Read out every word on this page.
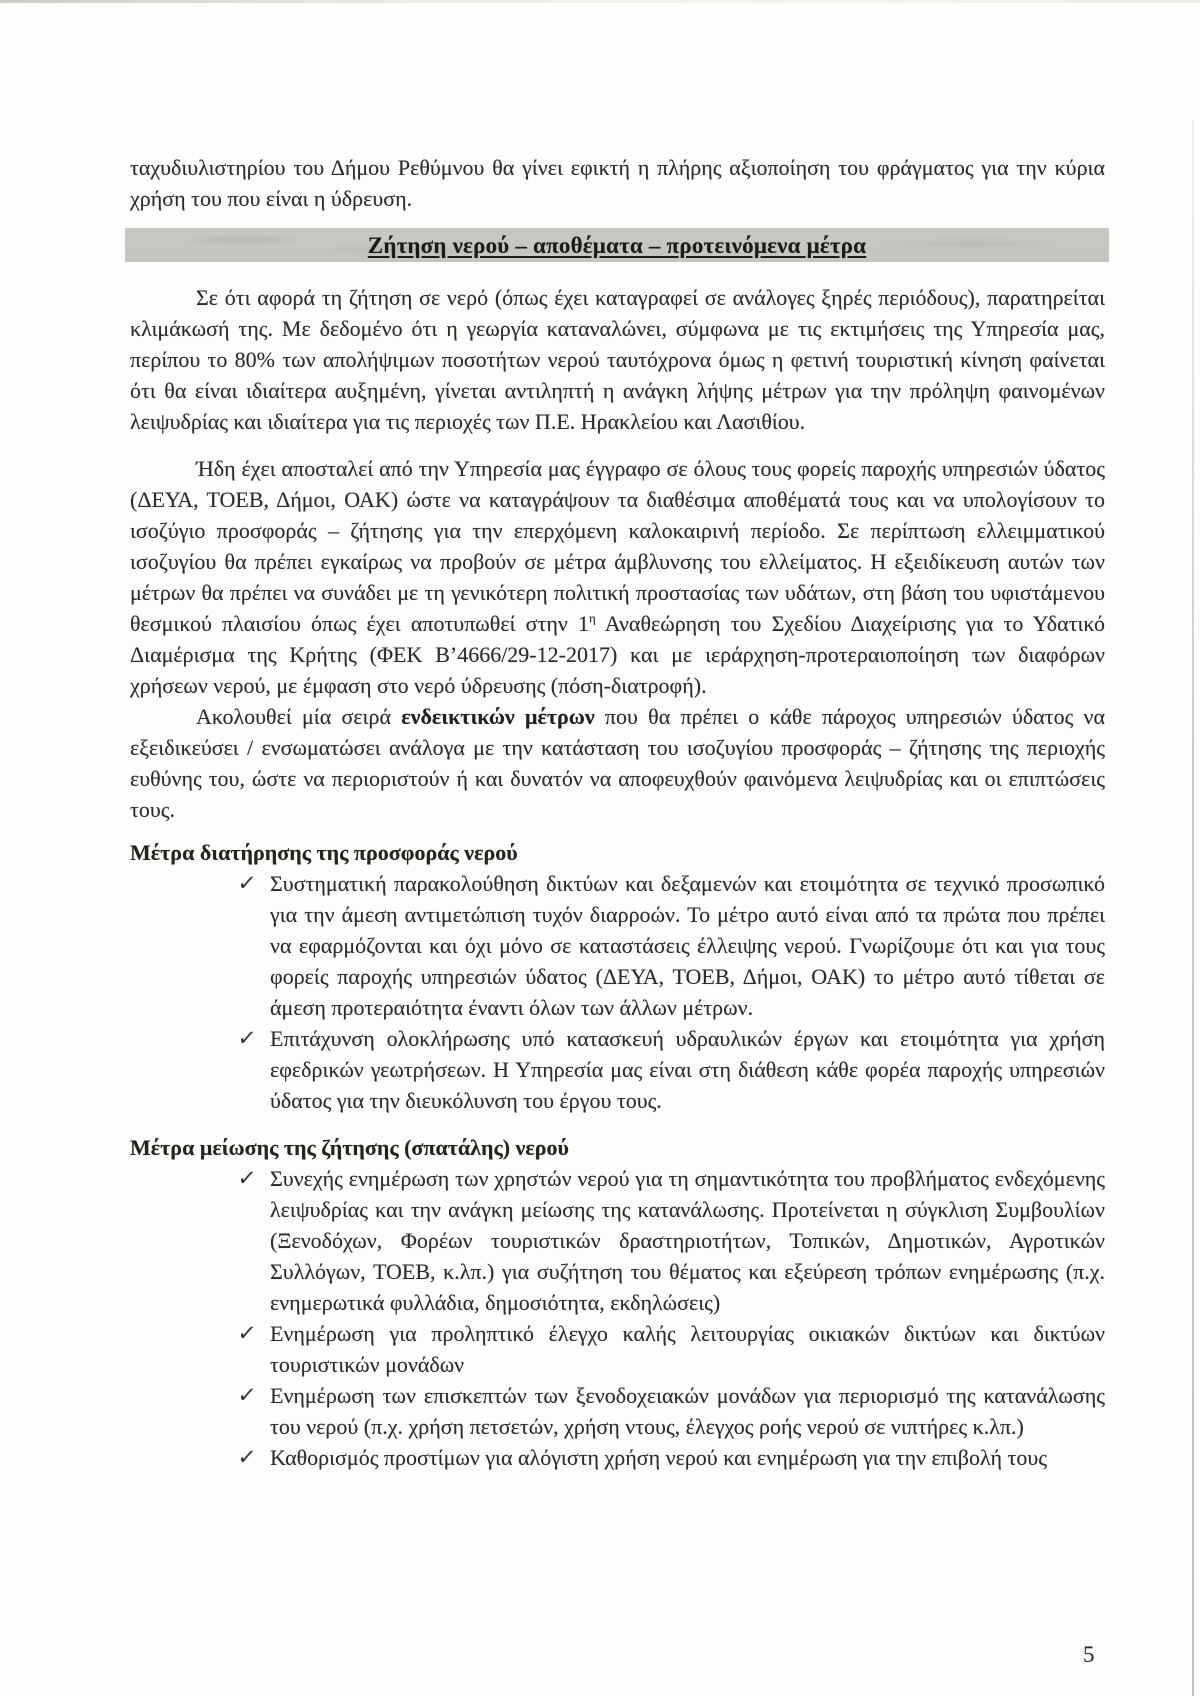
ταχυδιυλιστηρίου του Δήμου Ρεθύμνου θα γίνει εφικτή η πλήρης αξιοποίηση του φράγματος για την κύρια χρήση του που είναι η ύδρευση.

Ζήτηση νερού – αποθέματα – προτεινόμενα μέτρα

Σε ότι αφορά τη ζήτηση σε νερό (όπως έχει καταγραφεί σε ανάλογες ξηρές περιόδους), παρατηρείται κλιμάκωσή της. Με δεδομένο ότι η γεωργία καταναλώνει, σύμφωνα με τις εκτιμήσεις της Υπηρεσία μας, περίπου το 80% των απολήψιμων ποσοτήτων νερού ταυτόχρονα όμως η φετινή τουριστική κίνηση φαίνεται ότι θα είναι ιδιαίτερα αυξημένη, γίνεται αντιληπτή η ανάγκη λήψης μέτρων για την πρόληψη φαινομένων λειψυδρίας και ιδιαίτερα για τις περιοχές των Π.Ε. Ηρακλείου και Λασιθίου.

Ήδη έχει αποσταλεί από την Υπηρεσία μας έγγραφο σε όλους τους φορείς παροχής υπηρεσιών ύδατος (ΔΕΥΑ, ΤΟΕΒ, Δήμοι, ΟΑΚ) ώστε να καταγράψουν τα διαθέσιμα αποθέματά τους και να υπολογίσουν το ισοζύγιο προσφοράς – ζήτησης για την επερχόμενη καλοκαιρινή περίοδο. Σε περίπτωση ελλειμματικού ισοζυγίου θα πρέπει εγκαίρως να προβούν σε μέτρα άμβλυνσης του ελλείματος. Η εξειδίκευση αυτών των μέτρων θα πρέπει να συνάδει με τη γενικότερη πολιτική προστασίας των υδάτων, στη βάση του υφιστάμενου θεσμικού πλαισίου όπως έχει αποτυπωθεί στην $1^\eta$ Αναθεώρηση του Σχεδίου Διαχείρισης για το Υδατικό Διαμέρισμα της Κρήτης (ΦΕΚ Β’4666/29-12-2017) και με ιεράρχηση-προτεραιοποίηση των διαφόρων χρήσεων νερού, με έμφαση στο νερό ύδρευσης (πόση-διατροφή).

Ακολουθεί μία σειρά ενδεικτικών μέτρων που θα πρέπει ο κάθε πάροχος υπηρεσιών ύδατος να εξειδικεύσει / ενσωματώσει ανάλογα με την κατάσταση του ισοζυγίου προσφοράς – ζήτησης της περιοχής ευθύνης του, ώστε να περιοριστούν ή και δυνατόν να αποφευχθούν φαινόμενα λειψυδρίας και οι επιπτώσεις τους.

Μέτρα διατήρησης της προσφοράς νερού

✓ Συστηματική παρακολούθηση δικτύων και δεξαμενών και ετοιμότητα σε τεχνικό προσωπικό για την άμεση αντιμετώπιση τυχόν διαρροών. Το μέτρο αυτό είναι από τα πρώτα που πρέπει να εφαρμόζονται και όχι μόνο σε καταστάσεις έλλειψης νερού. Γνωρίζουμε ότι και για τους φορείς παροχής υπηρεσιών ύδατος (ΔΕΥΑ, ΤΟΕΒ, Δήμοι, ΟΑΚ) το μέτρο αυτό τίθεται σε άμεση προτεραιότητα έναντι όλων των άλλων μέτρων.
✓ Επιτάχυνση ολοκλήρωσης υπό κατασκευή υδραυλικών έργων και ετοιμότητα για χρήση εφεδρικών γεωτρήσεων. Η Υπηρεσία μας είναι στη διάθεση κάθε φορέα παροχής υπηρεσιών ύδατος για την διευκόλυνση του έργου τους.

Μέτρα μείωσης της ζήτησης (σπατάλης) νερού

✓ Συνεχής ενημέρωση των χρηστών νερού για τη σημαντικότητα του προβλήματος ενδεχόμενης λειψυδρίας και την ανάγκη μείωσης της κατανάλωσης. Προτείνεται η σύγκλιση Συμβουλίων (Ξενοδόχων, Φορέων τουριστικών δραστηριοτήτων, Τοπικών, Δημοτικών, Αγροτικών Συλλόγων, ΤΟΕΒ, κ.λπ.) για συζήτηση του θέματος και εξεύρεση τρόπων ενημέρωσης (π.χ. ενημερωτικά φυλλάδια, δημοσιότητα, εκδηλώσεις)
✓ Ενημέρωση για προληπτικό έλεγχο καλής λειτουργίας οικιακών δικτύων και δικτύων τουριστικών μονάδων
✓ Ενημέρωση των επισκεπτών των ξενοδοχειακών μονάδων για περιορισμό της κατανάλωσης του νερού (π.χ. χρήση πετσετών, χρήση ντους, έλεγχος ροής νερού σε νιπτήρες κ.λπ.)
✓ Καθορισμός προστίμων για αλόγιστη χρήση νερού και ενημέρωση για την επιβολή τους
5
